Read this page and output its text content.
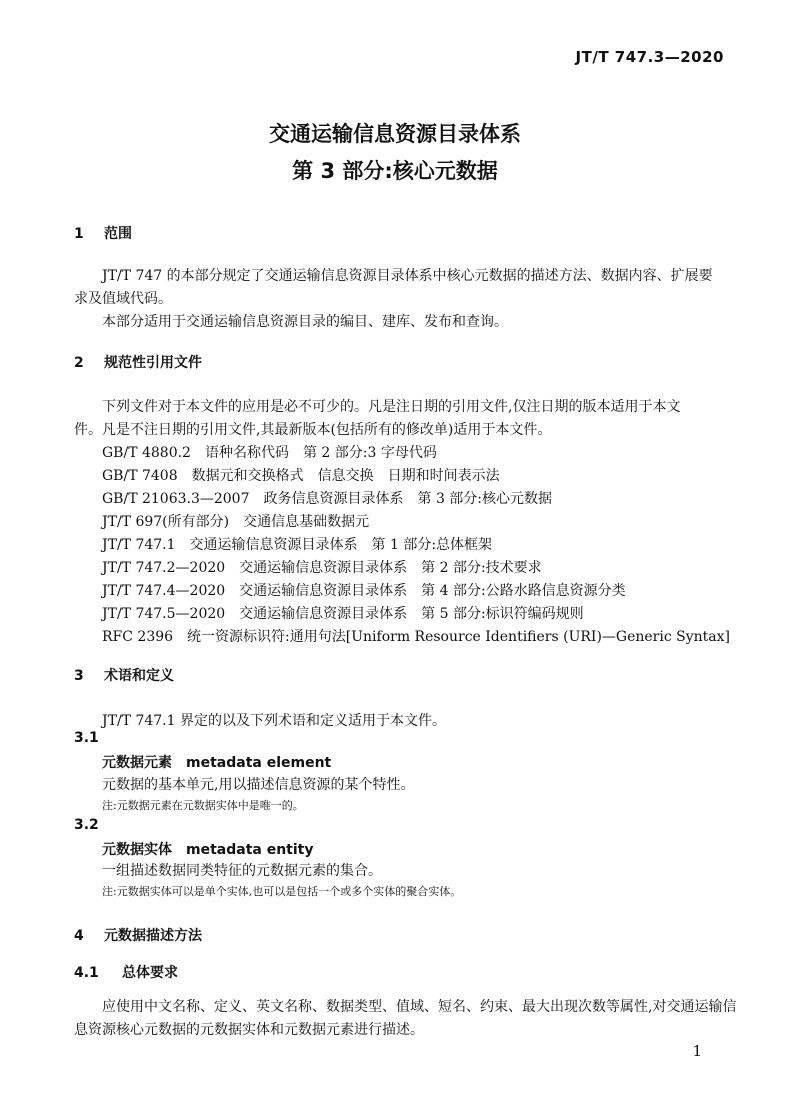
JT/T 747.3—2020
交通运输信息资源目录体系
第 3 部分:核心元数据
1 范围
JT/T 747 的本部分规定了交通运输信息资源目录体系中核心元数据的描述方法、数据内容、扩展要
求及值域代码。
本部分适用于交通运输信息资源目录的编目、建库、发布和查询。
2 规范性引用文件
下列文件对于本文件的应用是必不可少的。凡是注日期的引用文件,仅注日期的版本适用于本文
件。凡是不注日期的引用文件,其最新版本(包括所有的修改单)适用于本文件。
GB/T 4880.2　语种名称代码　第 2 部分:3 字母代码
GB/T 7408　数据元和交换格式　信息交换　日期和时间表示法
GB/T 21063.3—2007　政务信息资源目录体系　第 3 部分:核心元数据
JT/T 697(所有部分)　交通信息基础数据元
JT/T 747.1　交通运输信息资源目录体系　第 1 部分:总体框架
JT/T 747.2—2020　交通运输信息资源目录体系　第 2 部分:技术要求
JT/T 747.4—2020　交通运输信息资源目录体系　第 4 部分:公路水路信息资源分类
JT/T 747.5—2020　交通运输信息资源目录体系　第 5 部分:标识符编码规则
RFC 2396　统一资源标识符:通用句法[Uniform Resource Identifiers (URI)—Generic Syntax]
3 术语和定义
JT/T 747.1 界定的以及下列术语和定义适用于本文件。
3.1
元数据元素　metadata element
元数据的基本单元,用以描述信息资源的某个特性。
注:元数据元素在元数据实体中是唯一的。
3.2
元数据实体　metadata entity
一组描述数据同类特征的元数据元素的集合。
注:元数据实体可以是单个实体,也可以是包括一个或多个实体的聚合实体。
4 元数据描述方法
4.1 总体要求
应使用中文名称、定义、英文名称、数据类型、值域、短名、约束、最大出现次数等属性,对交通运输信
息资源核心元数据的元数据实体和元数据元素进行描述。
1
